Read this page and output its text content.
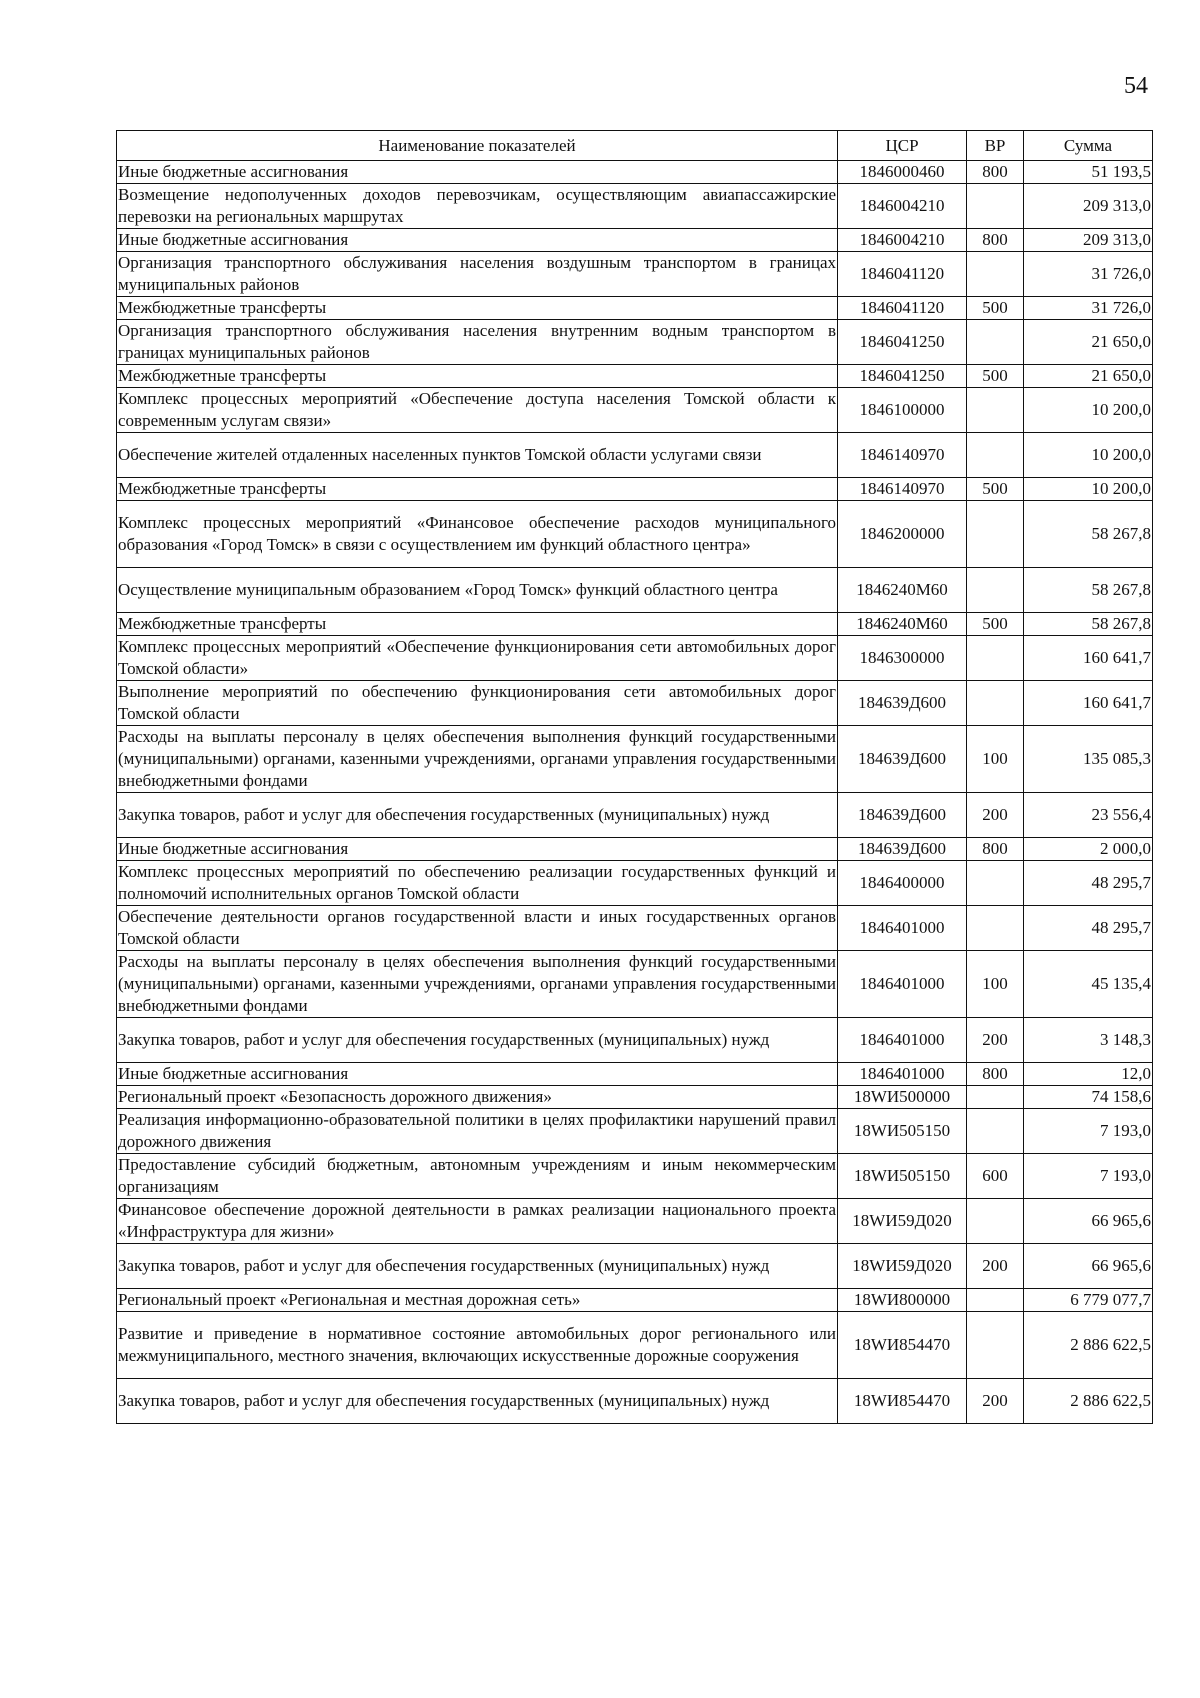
54
Наименование показателей	ЦСР	ВР	Сумма
Иные бюджетные ассигнования	1846000460	800	51 193,5
Возмещение недополученных доходов перевозчикам, осуществляющим авиапассажирские перевозки на региональных маршрутах	1846004210		209 313,0
Иные бюджетные ассигнования	1846004210	800	209 313,0
Организация транспортного обслуживания населения воздушным транспортом в границах муниципальных районов	1846041120		31 726,0
Межбюджетные трансферты	1846041120	500	31 726,0
Организация транспортного обслуживания населения внутренним водным транспортом в границах муниципальных районов	1846041250		21 650,0
Межбюджетные трансферты	1846041250	500	21 650,0
Комплекс процессных мероприятий «Обеспечение доступа населения Томской области к современным услугам связи»	1846100000		10 200,0
Обеспечение жителей отдаленных населенных пунктов Томской области услугами связи	1846140970		10 200,0
Межбюджетные трансферты	1846140970	500	10 200,0
Комплекс процессных мероприятий «Финансовое обеспечение расходов муниципального образования «Город Томск» в связи с осуществлением им функций областного центра»	1846200000		58 267,8
Осуществление муниципальным образованием «Город Томск» функций областного центра	1846240М60		58 267,8
Межбюджетные трансферты	1846240М60	500	58 267,8
Комплекс процессных мероприятий «Обеспечение функционирования сети автомобильных дорог Томской области»	1846300000		160 641,7
Выполнение мероприятий по обеспечению функционирования сети автомобильных дорог Томской области	184639Д600		160 641,7
Расходы на выплаты персоналу в целях обеспечения выполнения функций государственными (муниципальными) органами, казенными учреждениями, органами управления государственными внебюджетными фондами	184639Д600	100	135 085,3
Закупка товаров, работ и услуг для обеспечения государственных (муниципальных) нужд	184639Д600	200	23 556,4
Иные бюджетные ассигнования	184639Д600	800	2 000,0
Комплекс процессных мероприятий по обеспечению реализации государственных функций и полномочий исполнительных органов Томской области	1846400000		48 295,7
Обеспечение деятельности органов государственной власти и иных государственных органов Томской области	1846401000		48 295,7
Расходы на выплаты персоналу в целях обеспечения выполнения функций государственными (муниципальными) органами, казенными учреждениями, органами управления государственными внебюджетными фондами	1846401000	100	45 135,4
Закупка товаров, работ и услуг для обеспечения государственных (муниципальных) нужд	1846401000	200	3 148,3
Иные бюджетные ассигнования	1846401000	800	12,0
Региональный проект «Безопасность дорожного движения»	18WИ500000		74 158,6
Реализация информационно-образовательной политики в целях профилактики нарушений правил дорожного движения	18WИ505150		7 193,0
Предоставление субсидий бюджетным, автономным учреждениям и иным некоммерческим организациям	18WИ505150	600	7 193,0
Финансовое обеспечение дорожной деятельности в рамках реализации национального проекта «Инфраструктура для жизни»	18WИ59Д020		66 965,6
Закупка товаров, работ и услуг для обеспечения государственных (муниципальных) нужд	18WИ59Д020	200	66 965,6
Региональный проект «Региональная и местная дорожная сеть»	18WИ800000		6 779 077,7
Развитие и приведение в нормативное состояние автомобильных дорог регионального или межмуниципального, местного значения, включающих искусственные дорожные сооружения	18WИ854470		2 886 622,5
Закупка товаров, работ и услуг для обеспечения государственных (муниципальных) нужд	18WИ854470	200	2 886 622,5
